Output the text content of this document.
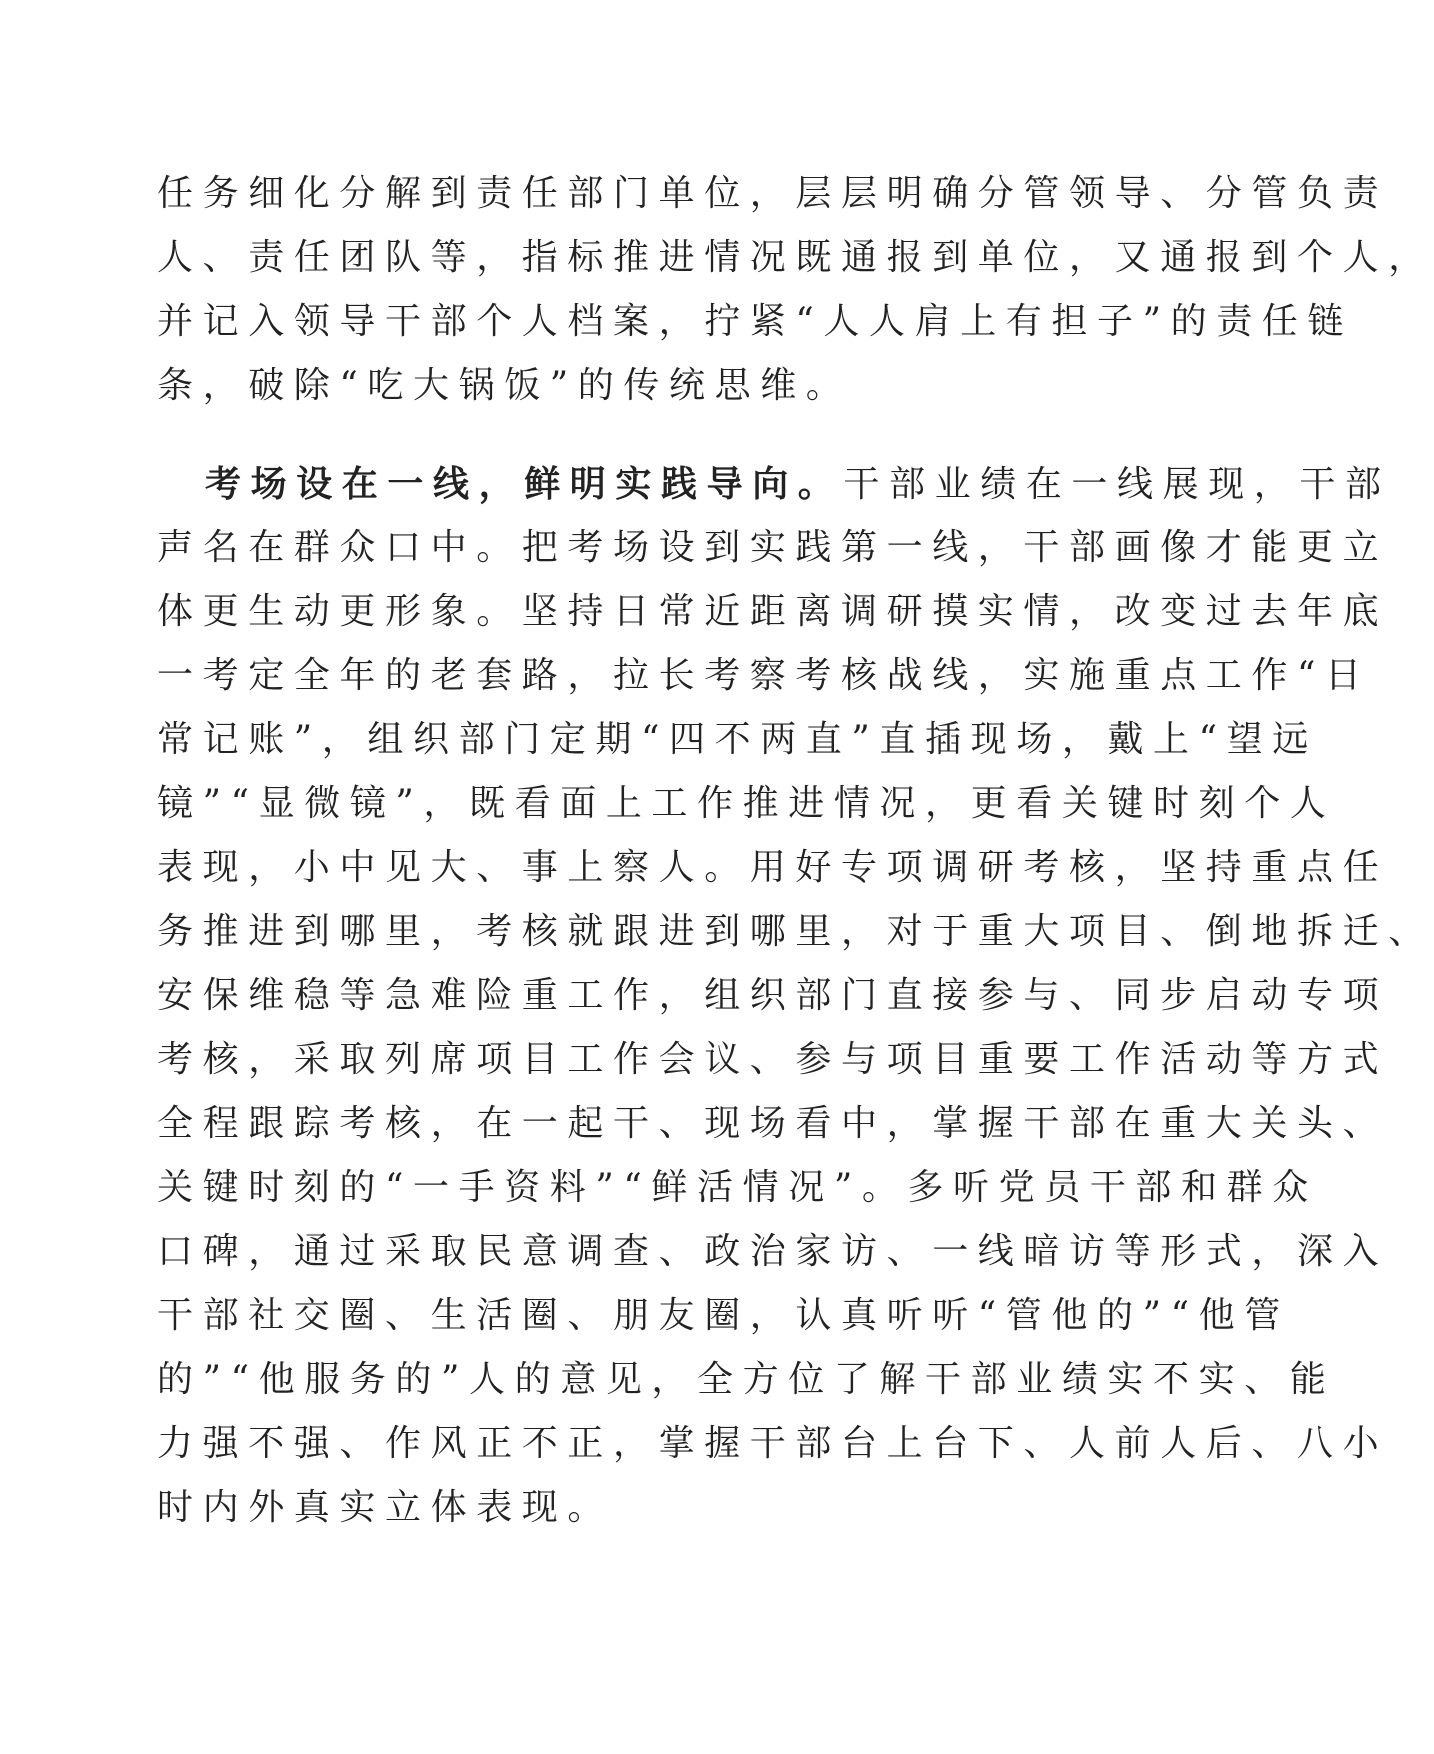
任务细化分解到责任部门单位，层层明确分管领导、分管负责
人、责任团队等，指标推进情况既通报到单位，又通报到个人，
并记入领导干部个人档案，拧紧“人人肩上有担子”的责任链
条，破除“吃大锅饭”的传统思维。
考场设在一线，鲜明实践导向。干部业绩在一线展现，干部
声名在群众口中。把考场设到实践第一线，干部画像才能更立
体更生动更形象。坚持日常近距离调研摸实情，改变过去年底
一考定全年的老套路，拉长考察考核战线，实施重点工作“日
常记账”，组织部门定期“四不两直”直插现场，戴上“望远
镜”“显微镜”，既看面上工作推进情况，更看关键时刻个人
表现，小中见大、事上察人。用好专项调研考核，坚持重点任
务推进到哪里，考核就跟进到哪里，对于重大项目、倒地拆迁、
安保维稳等急难险重工作，组织部门直接参与、同步启动专项
考核，采取列席项目工作会议、参与项目重要工作活动等方式
全程跟踪考核，在一起干、现场看中，掌握干部在重大关头、
关键时刻的“一手资料”“鲜活情况”。多听党员干部和群众
口碑，通过采取民意调查、政治家访、一线暗访等形式，深入
干部社交圈、生活圈、朋友圈，认真听听“管他的”“他管
的”“他服务的”人的意见，全方位了解干部业绩实不实、能
力强不强、作风正不正，掌握干部台上台下、人前人后、八小
时内外真实立体表现。
